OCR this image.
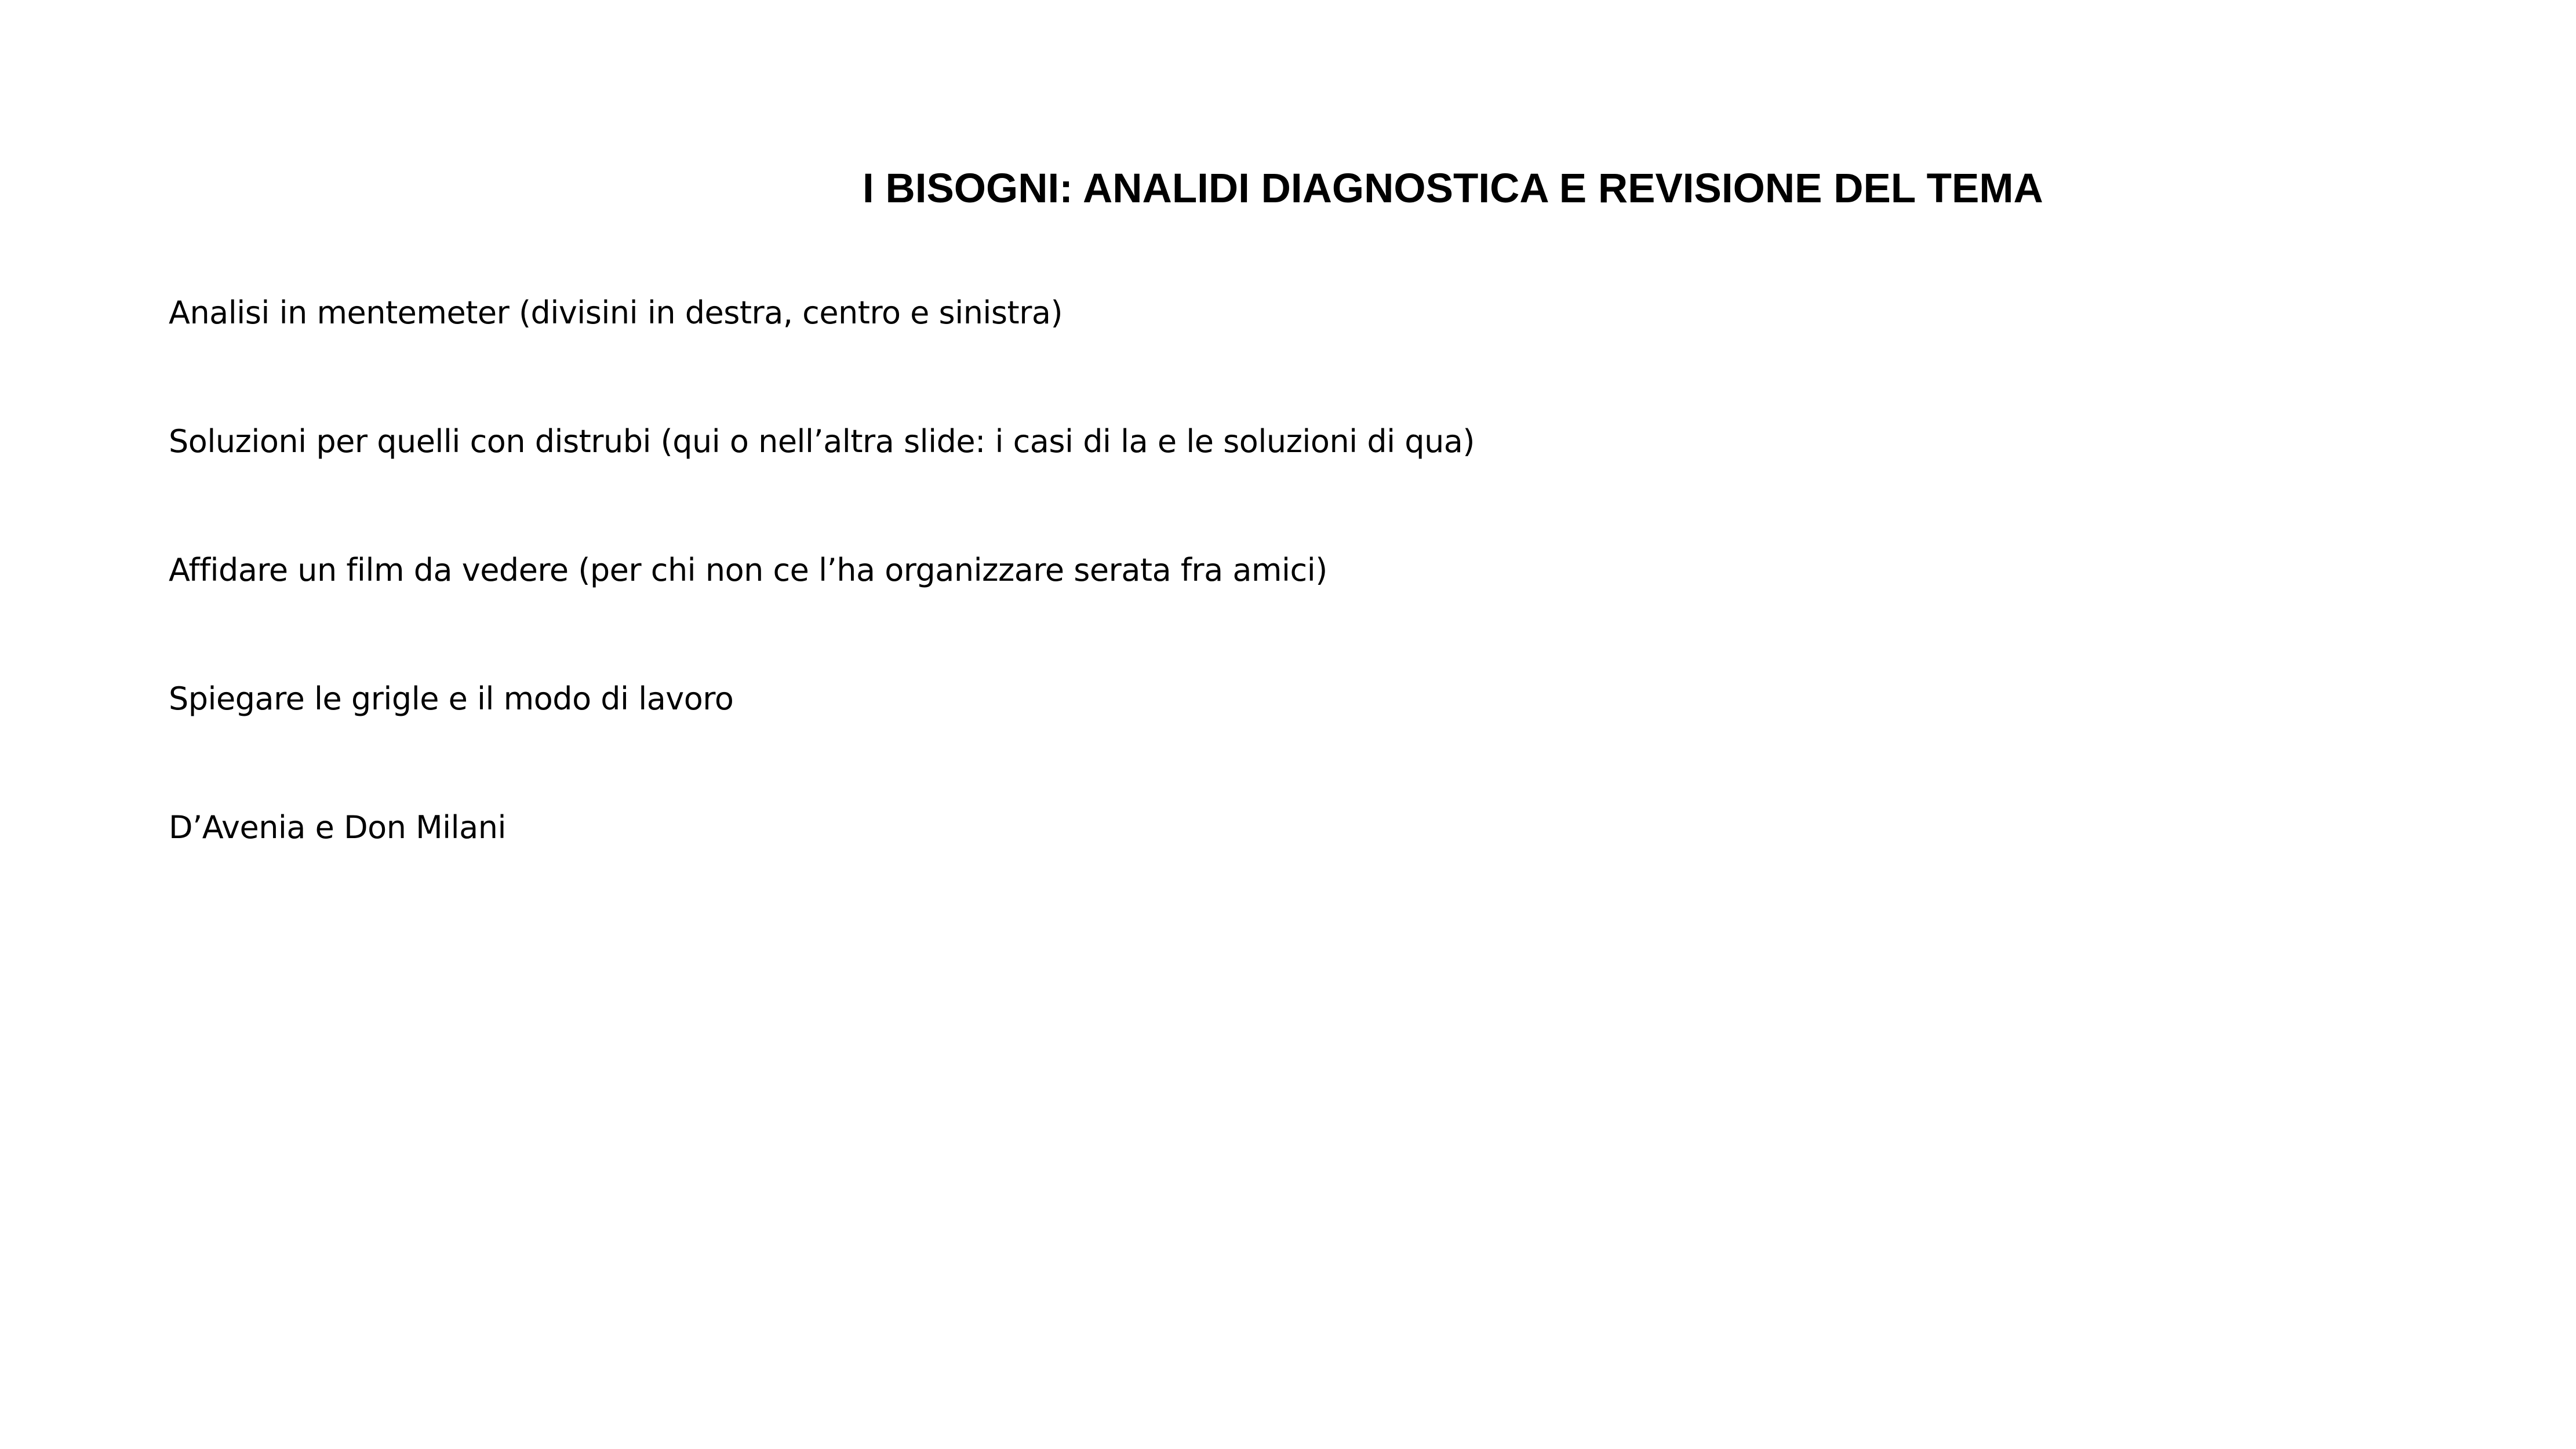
I BISOGNI: ANALIDI DIAGNOSTICA E REVISIONE DEL TEMA
Analisi in mentemeter (divisini in destra, centro e sinistra)
Soluzioni per quelli con distrubi (qui o nell’altra slide: i casi di la e le soluzioni di qua)
Affidare un film da vedere (per chi non ce l’ha organizzare serata fra amici)
Spiegare le grigle e il modo di lavoro
D’Avenia e Don Milani
